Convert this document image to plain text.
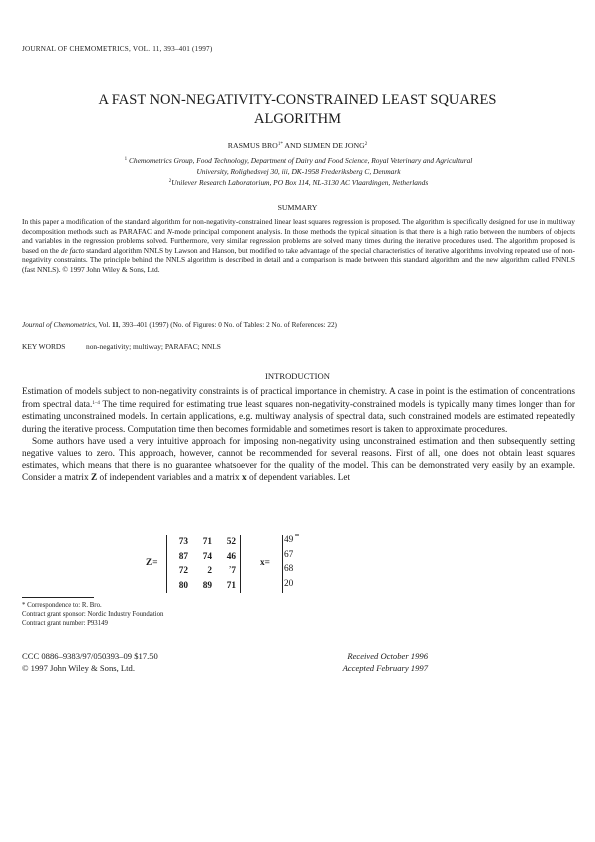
JOURNAL OF CHEMOMETRICS, VOL. 11, 393–401 (1997)
A FAST NON-NEGATIVITY-CONSTRAINED LEAST SQUARES
ALGORITHM
RASMUS $BRO^{1*}$ AND SIJMEN DE JONG$^2$
$^1$ Chemometrics Group, Food Technology, Department of Dairy and Food Science, Royal Veterinary and Agricultural
University, Rolighedsvej 30, iii, DK-1958 Frederiksberg C, Denmark
$^2$Unilever Research Laboratorium, PO Box 114, NL-3130 AC Vlaardingen, Netherlands
SUMMARY
In this paper a modification of the standard algorithm for non-negativity-constrained linear least squares regression is proposed. The algorithm is specifically designed for use in multiway decomposition methods such as PARAFAC and N-mode principal component analysis. In those methods the typical situation is that there is a high ratio between the numbers of objects and variables in the regression problems solved. Furthermore, very similar regression problems are solved many times during the iterative procedures used. The algorithm proposed is based on the de facto standard algorithm NNLS by Lawson and Hanson, but modified to take advantage of the special characteristics of iterative algorithms involving repeated use of non-negativity constraints. The principle behind the NNLS algorithm is described in detail and a comparison is made between this standard algorithm and the new algorithm called FNNLS (fast NNLS). © 1997 John Wiley & Sons, Ltd.
Journal of Chemometrics, Vol. 11, 393–401 (1997) (No. of Figures: 0 No. of Tables: 2 No. of References: 22)
KEY WORDS	non-negativity; multiway; PARAFAC; NNLS
INTRODUCTION

Estimation of models subject to non-negativity constraints is of practical importance in chemistry. A case in point is the estimation of concentrations from spectral data.$^{1-4}$ The time required for estimating true least squares non-negativity-constrained models is typically many times longer than for estimating unconstrained models. In certain applications, e.g. multiway analysis of spectral data, such constrained models are estimated repeatedly during the iterative process. Computation time then becomes formidable and sometimes resort is taken to approximate procedures.

Some authors have used a very intuitive approach for imposing non-negativity using unconstrained estimation and then subsequently setting negative values to zero. This approach, however, cannot be recommended for several reasons. First of all, one does not obtain least squares estimates, which means that there is no guarantee whatsoever for the quality of the model. This can be demonstrated very easily by an example. Consider a matrix Z of independent variables and a matrix x of dependent variables. Let

Z=
73	71	52
87	74	46
72	2	7
80	89	71
,	x=
49
67
68
20
* Correspondence to: R. Bro.
Contract grant sponsor: Nordic Industry Foundation
Contract grant number: P93149
CCC 0886–9383/97/050393–09 $17.50
© 1997 John Wiley & Sons, Ltd.
Received October 1996
Accepted February 1997
